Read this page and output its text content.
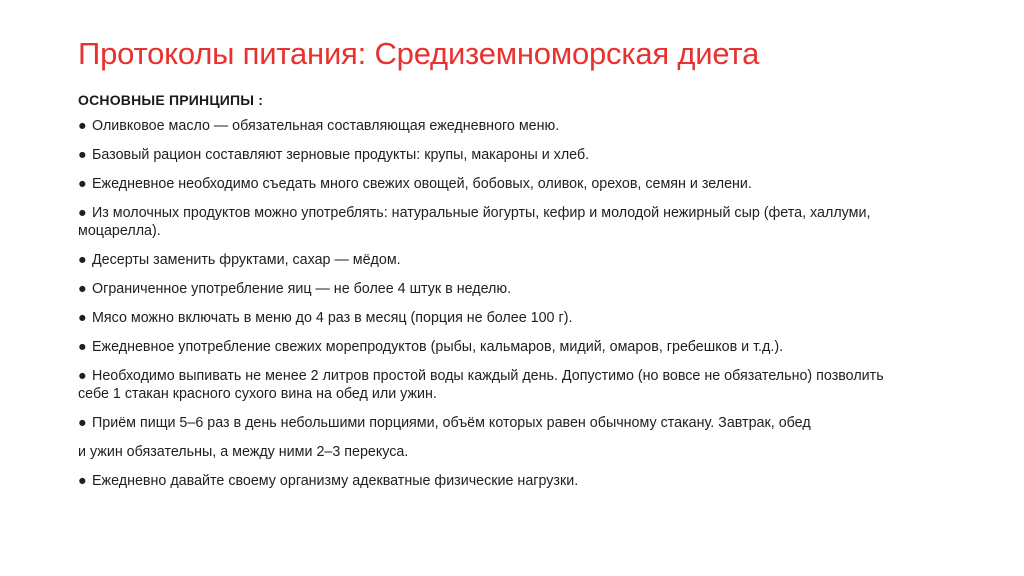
Протоколы питания: Средиземноморская диета
ОСНОВНЫЕ ПРИНЦИПЫ :
● Оливковое масло — обязательная составляющая ежедневного меню.
● Базовый рацион составляют зерновые продукты: крупы, макароны и хлеб.
● Ежедневное необходимо съедать много свежих овощей, бобовых, оливок, орехов, семян и зелени.
● Из молочных продуктов можно употреблять: натуральные йогурты, кефир и молодой нежирный сыр (фета, халлуми, моцарелла).
● Десерты заменить фруктами, сахар — мёдом.
● Ограниченное употребление яиц — не более 4 штук в неделю.
● Мясо можно включать в меню до 4 раз в месяц (порция не более 100 г).
● Ежедневное употребление свежих морепродуктов (рыбы, кальмаров, мидий, омаров, гребешков и т.д.).
● Необходимо выпивать не менее 2 литров простой воды каждый день. Допустимо (но вовсе не обязательно) позволить себе 1 стакан красного сухого вина на обед или ужин.
● Приём пищи 5–6 раз в день небольшими порциями, объём которых равен обычному стакану. Завтрак, обед
и ужин обязательны, а между ними 2–3 перекуса.
● Ежедневно давайте своему организму адекватные физические нагрузки.
